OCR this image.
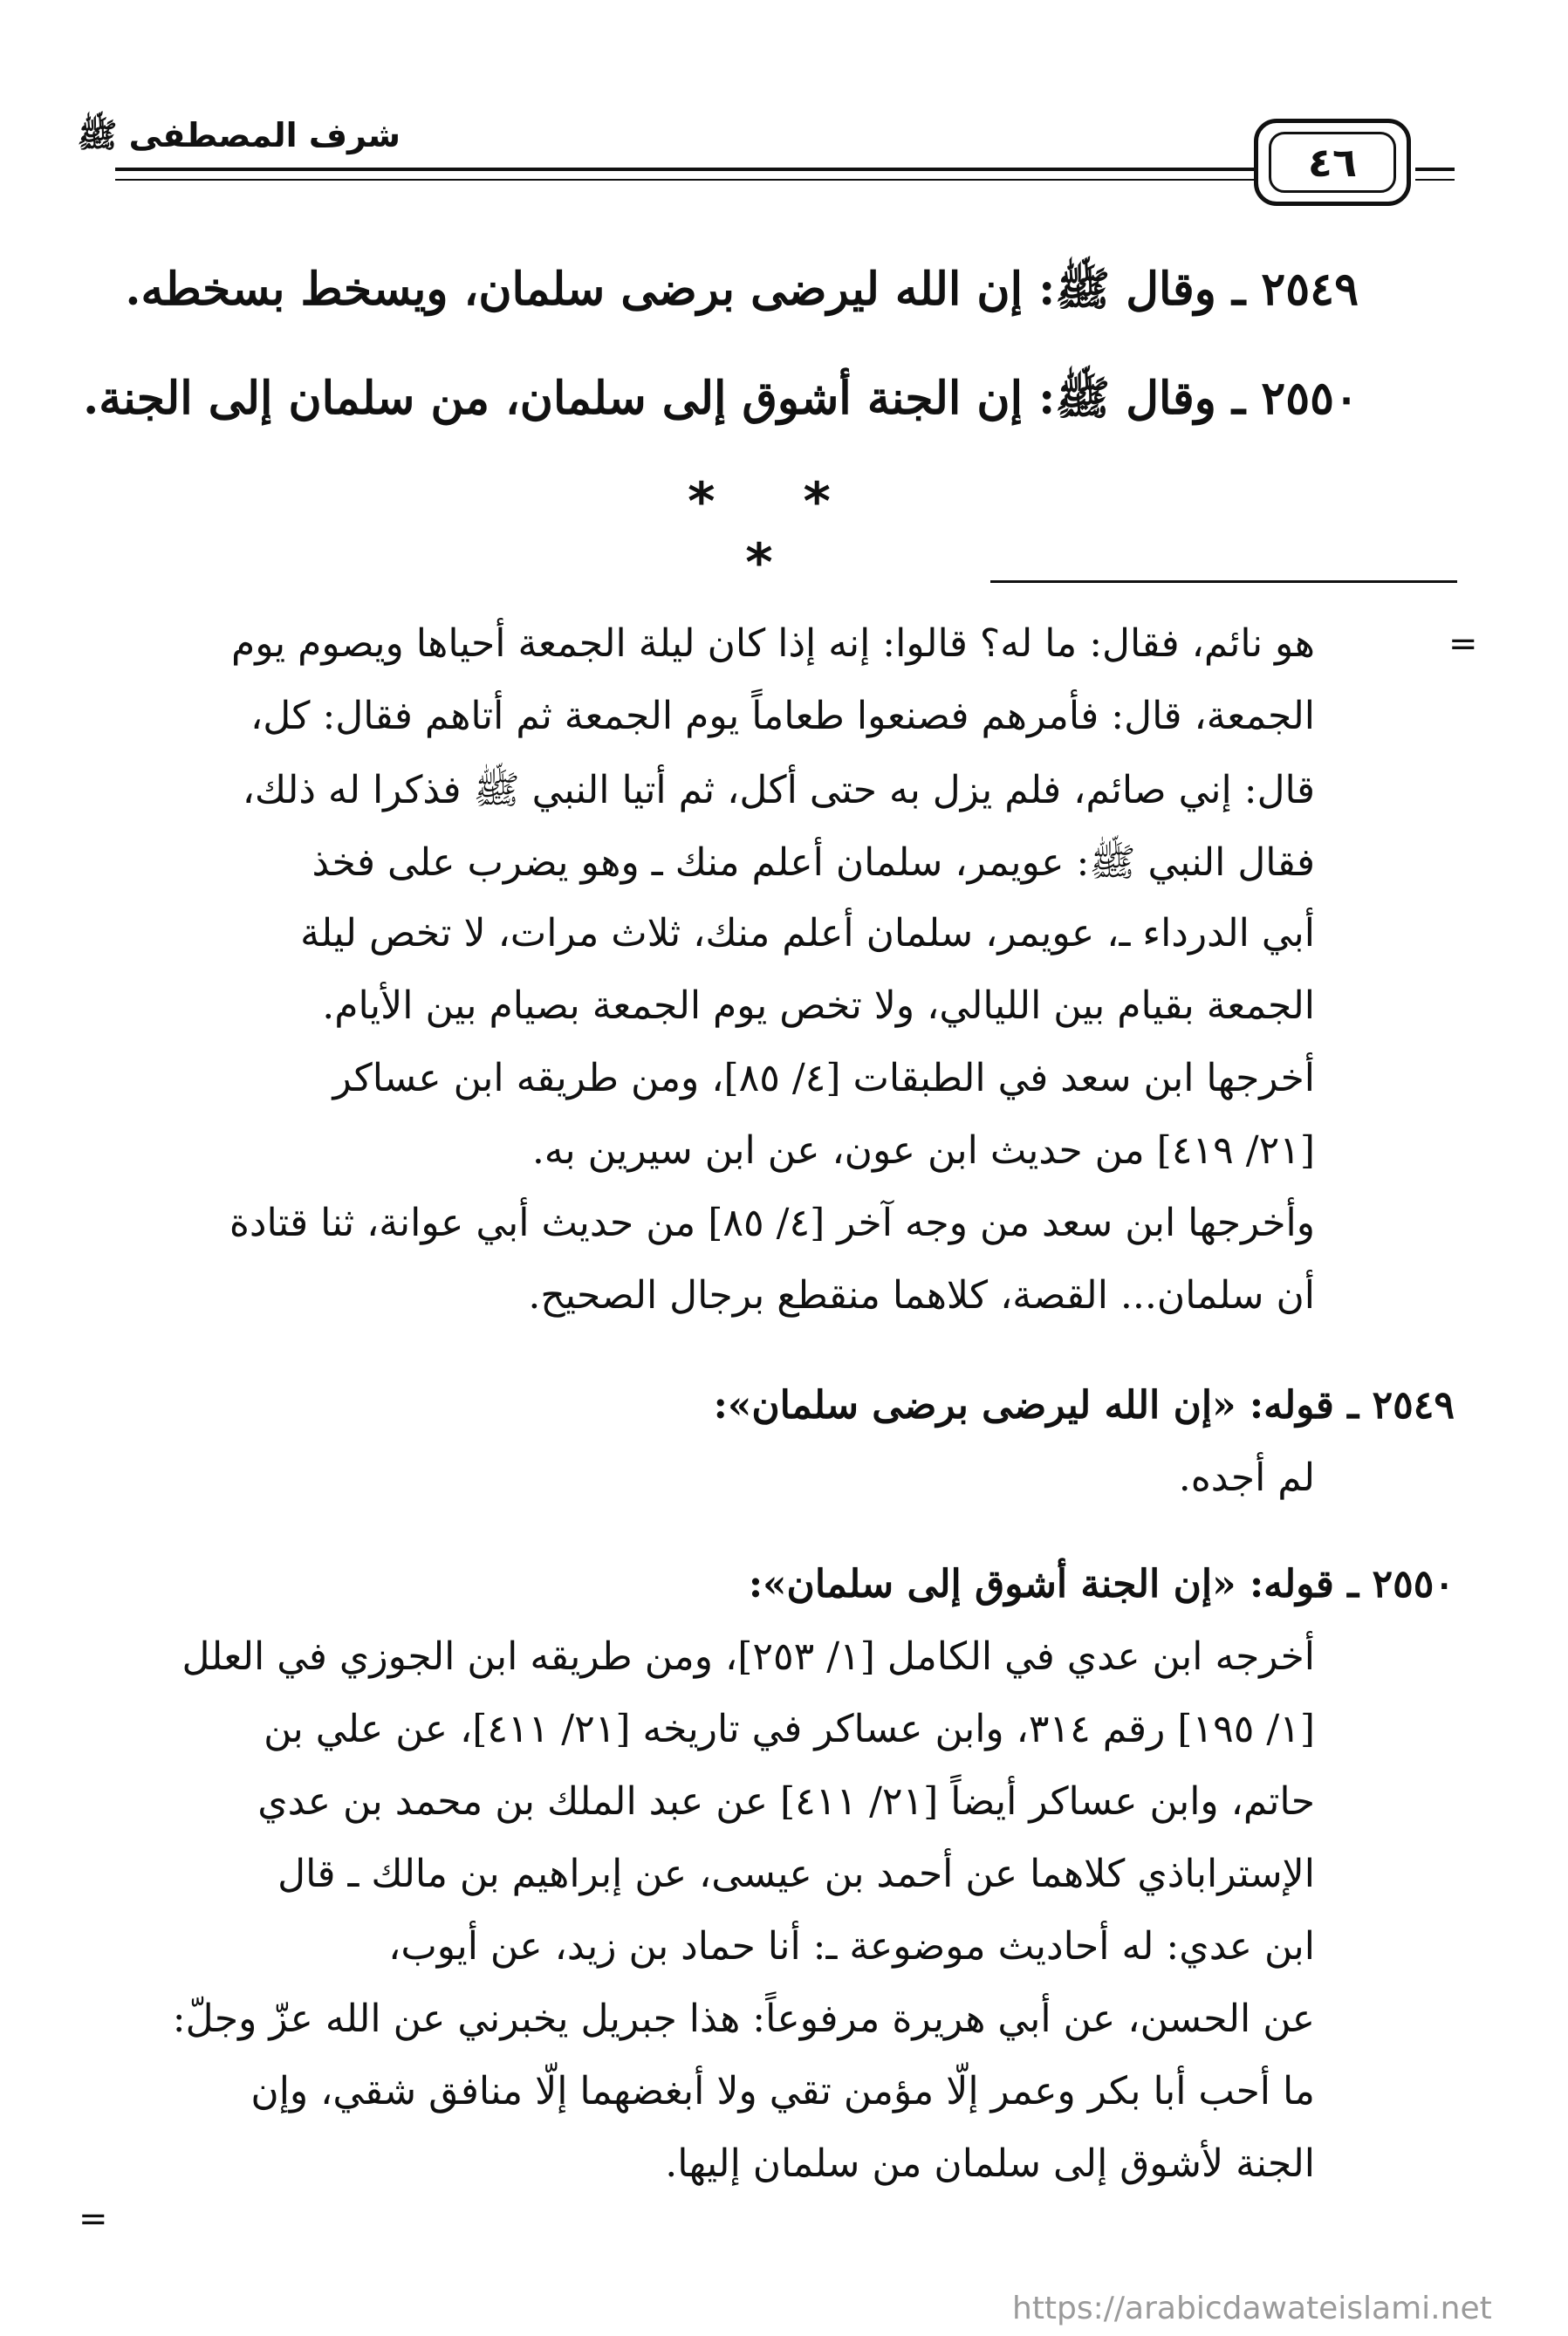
شرف المصطفى ﷺ
٤٦
٢٥٤٩ ـ وقال ﷺ: إن الله ليرضى برضى سلمان، ويسخط بسخطه.
٢٥٥٠ ـ وقال ﷺ: إن الجنة أشوق إلى سلمان، من سلمان إلى الجنة.
* * *
=
هو نائم، فقال: ما له؟ قالوا: إنه إذا كان ليلة الجمعة أحياها ويصوم يوم
الجمعة، قال: فأمرهم فصنعوا طعاماً يوم الجمعة ثم أتاهم فقال: كل،
قال: إني صائم، فلم يزل به حتى أكل، ثم أتيا النبي ﷺ فذكرا له ذلك،
فقال النبي ﷺ: عويمر، سلمان أعلم منك ـ وهو يضرب على فخذ
أبي الدرداء ـ، عويمر، سلمان أعلم منك، ثلاث مرات، لا تخص ليلة
الجمعة بقيام بين الليالي، ولا تخص يوم الجمعة بصيام بين الأيام.
أخرجها ابن سعد في الطبقات [٤/ ٨٥]، ومن طريقه ابن عساكر
[٢١/ ٤١٩] من حديث ابن عون، عن ابن سيرين به.
وأخرجها ابن سعد من وجه آخر [٤/ ٨٥] من حديث أبي عوانة، ثنا قتادة
أن سلمان... القصة، كلاهما منقطع برجال الصحيح.
٢٥٤٩ ـ قوله: «إن الله ليرضى برضى سلمان»:
لم أجده.
٢٥٥٠ ـ قوله: «إن الجنة أشوق إلى سلمان»:
أخرجه ابن عدي في الكامل [١/ ٢٥٣]، ومن طريقه ابن الجوزي في العلل
[١/ ١٩٥] رقم ٣١٤، وابن عساكر في تاريخه [٢١/ ٤١١]، عن علي بن
حاتم، وابن عساكر أيضاً [٢١/ ٤١١] عن عبد الملك بن محمد بن عدي
الإستراباذي كلاهما عن أحمد بن عيسى، عن إبراهيم بن مالك ـ قال
ابن عدي: له أحاديث موضوعة ـ: أنا حماد بن زيد، عن أيوب،
عن الحسن، عن أبي هريرة مرفوعاً: هذا جبريل يخبرني عن الله عزّ وجلّ:
ما أحب أبا بكر وعمر إلّا مؤمن تقي ولا أبغضهما إلّا منافق شقي، وإن
الجنة لأشوق إلى سلمان من سلمان إليها.
=
https://arabicdawateislami.net
